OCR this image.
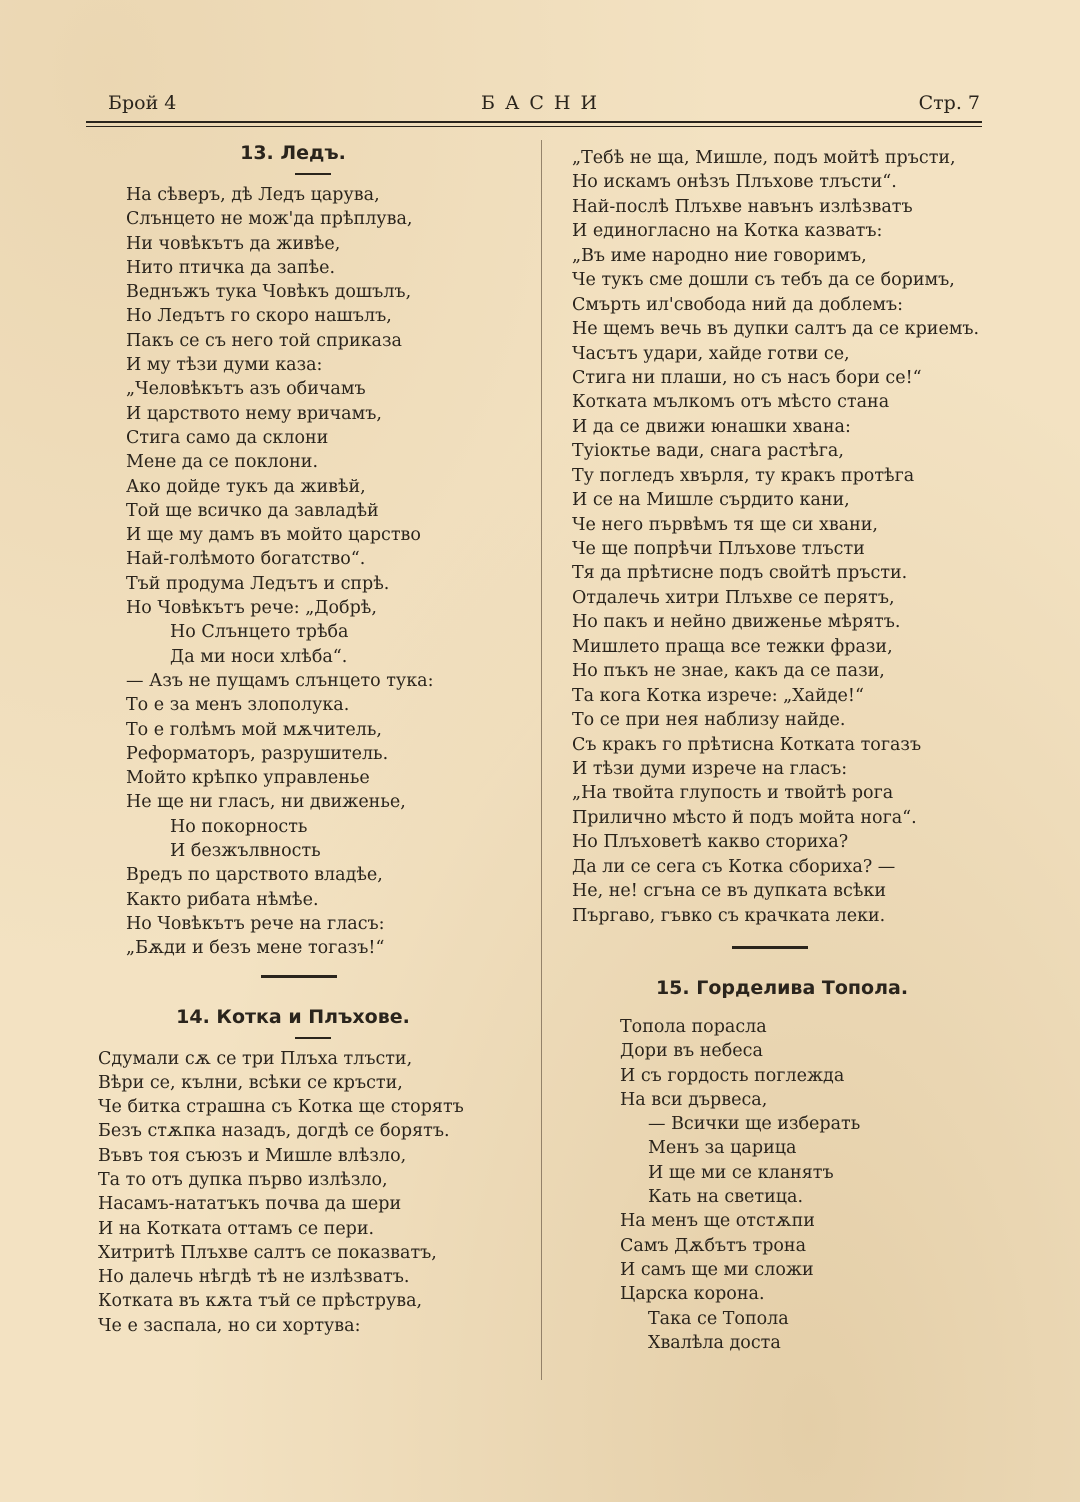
Брой 4	БАСНИ	Стр. 7
13. Ледъ.
На сѣверъ, дѣ Ледъ царува,
Слънцето не мож'да прѣплува,
Ни човѣкътъ да живѣе,
Нито птичка да запѣе.
Веднъжъ тука Човѣкъ дошълъ,
Но Ледътъ го скоро нашълъ,
Пакъ се съ него той сприказа
И му тѣзи думи каза:
„Человѣкътъ азъ обичамъ
И царството нему вричамъ,
Стига само да склони
Мене да се поклони.
Ако дойде тукъ да живѣй,
Той ще всичко да завладѣй
И ще му дамъ въ мойто царство
Най-голѣмото богатство“.
Тъй продума Ледътъ и спрѣ.
Но Човѣкътъ рече: „Добрѣ,
Но Слънцето трѣба
Да ми носи хлѣба“.
— Азъ не пущамъ слънцето тука:
То е за менъ злополука.
То е голѣмъ мой мѫчитель,
Реформаторъ, разрушитель.
Мойто крѣпко управленье
Не ще ни гласъ, ни движенье,
Но покорность
И безжълвность
Вредъ по царството владѣе,
Както рибата нѣмѣе.
Но Човѣкътъ рече на гласъ:
„Бѫди и безъ мене тогазъ!“
14. Котка и Плъхове.
Сдумали сѫ се три Плъха тлъсти,
Вѣри се, кълни, всѣки се кръсти,
Че битка страшна съ Котка ще сторятъ
Безъ стѫпка назадъ, догдѣ се борятъ.
Въвъ тоя съюзъ и Мишле влѣзло,
Та то отъ дупка първо излѣзло,
Насамъ-нататъкъ почва да шери
И на Котката оттамъ се пери.
Хитритѣ Плъхве салтъ се показватъ,
Но далечь нѣгдѣ тѣ не излѣзватъ.
Котката въ кѫта тъй се прѣструва,
Че е заспала, но си хортува:
„Тебѣ не ща, Мишле, подъ мойтѣ пръсти,
Но искамъ онѣзъ Плъхове тлъсти“.
Най-послѣ Плъхве навънъ излѣзватъ
И единогласно на Котка казватъ:
„Въ име народно ние говоримъ,
Че тукъ сме дошли съ тебъ да се боримъ,
Смърть ил'свобода ний да доблемъ:
Не щемъ вечь въ дупки салтъ да се криемъ.
Часътъ удари, хайде готви се,
Стига ни плаши, но съ насъ бори се!“
Котката мълкомъ отъ мѣсто стана
И да се движи юнашки хвана:
Туioктье вади, снага растѣга,
Ту погледъ хвърля, ту кракъ протѣга
И се на Мишле сърдито кани,
Че него първѣмъ тя ще си хвани,
Че ще попрѣчи Плъхове тлъсти
Тя да прѣтисне подъ свойтѣ пръсти.
Отдалечь хитри Плъхве се перятъ,
Но пакъ и нейно движенье мѣрятъ.
Мишлето праща все тежки фрази,
Но пъкъ не знае, какъ да се пази,
Та кога Котка изрече: „Хайде!“
То се при нея наблизу найде.
Съ кракъ го прѣтисна Котката тогазъ
И тѣзи думи изрече на гласъ:
„На твойта глупость и твойтѣ рога
Прилично мѣсто й подъ мойта нога“.
Но Плъховетѣ какво сториха?
Да ли се сега съ Котка сбориха? —
Не, не! сгъна се въ дупката всѣки
Пъргаво, гъвко съ крачката леки.
15. Горделива Топола.
Топола порасла
Дори въ небеса
И съ гордость поглежда
На вси дървеса,
— Всички ще изберать
Менъ за царица
И ще ми се кланятъ
Кать на светица.
На менъ ще отстѫпи
Самъ Дѫбътъ трона
И самъ ще ми сложи
Царска корона.
Така се Топола
Хвалѣла доста
